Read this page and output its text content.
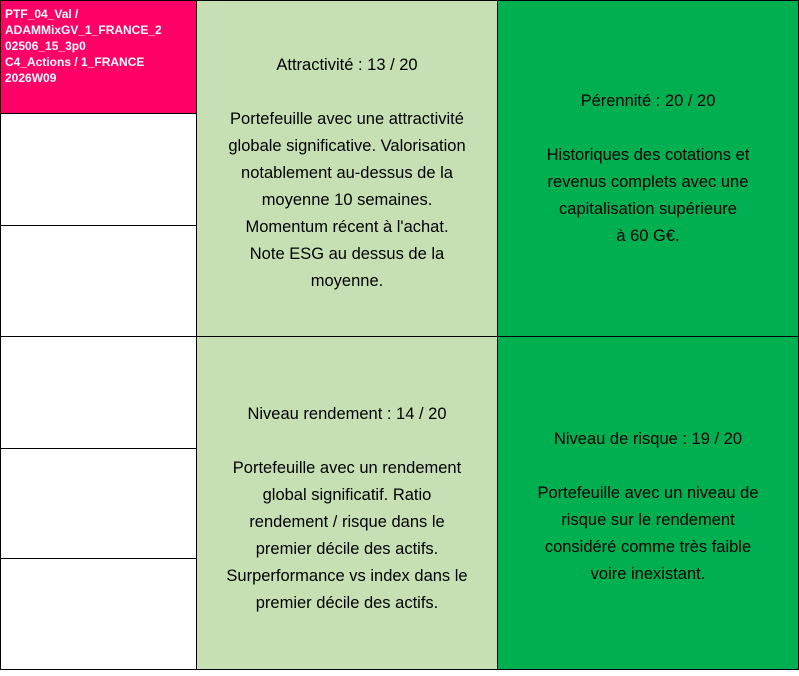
PTF_04_Val /
ADAMMixGV_1_FRANCE_2
02506_15_3p0
C4_Actions / 1_FRANCE
2026W09
Attractivité : 13 / 20
Portefeuille avec une attractivité
globale significative. Valorisation
notablement au-dessus de la
moyenne 10 semaines.
Momentum récent à l'achat.
Note ESG au dessus de la
moyenne.
Pérennité : 20 / 20
Historiques des cotations et
revenus complets avec une
capitalisation supérieure
à 60 G€.
Niveau rendement : 14 / 20
Portefeuille avec un rendement
global significatif. Ratio
rendement / risque dans le
premier décile des actifs.
Surperformance vs index dans le
premier décile des actifs.
Niveau de risque : 19 / 20
Portefeuille avec un niveau de
risque sur le rendement
considéré comme très faible
voire inexistant.
